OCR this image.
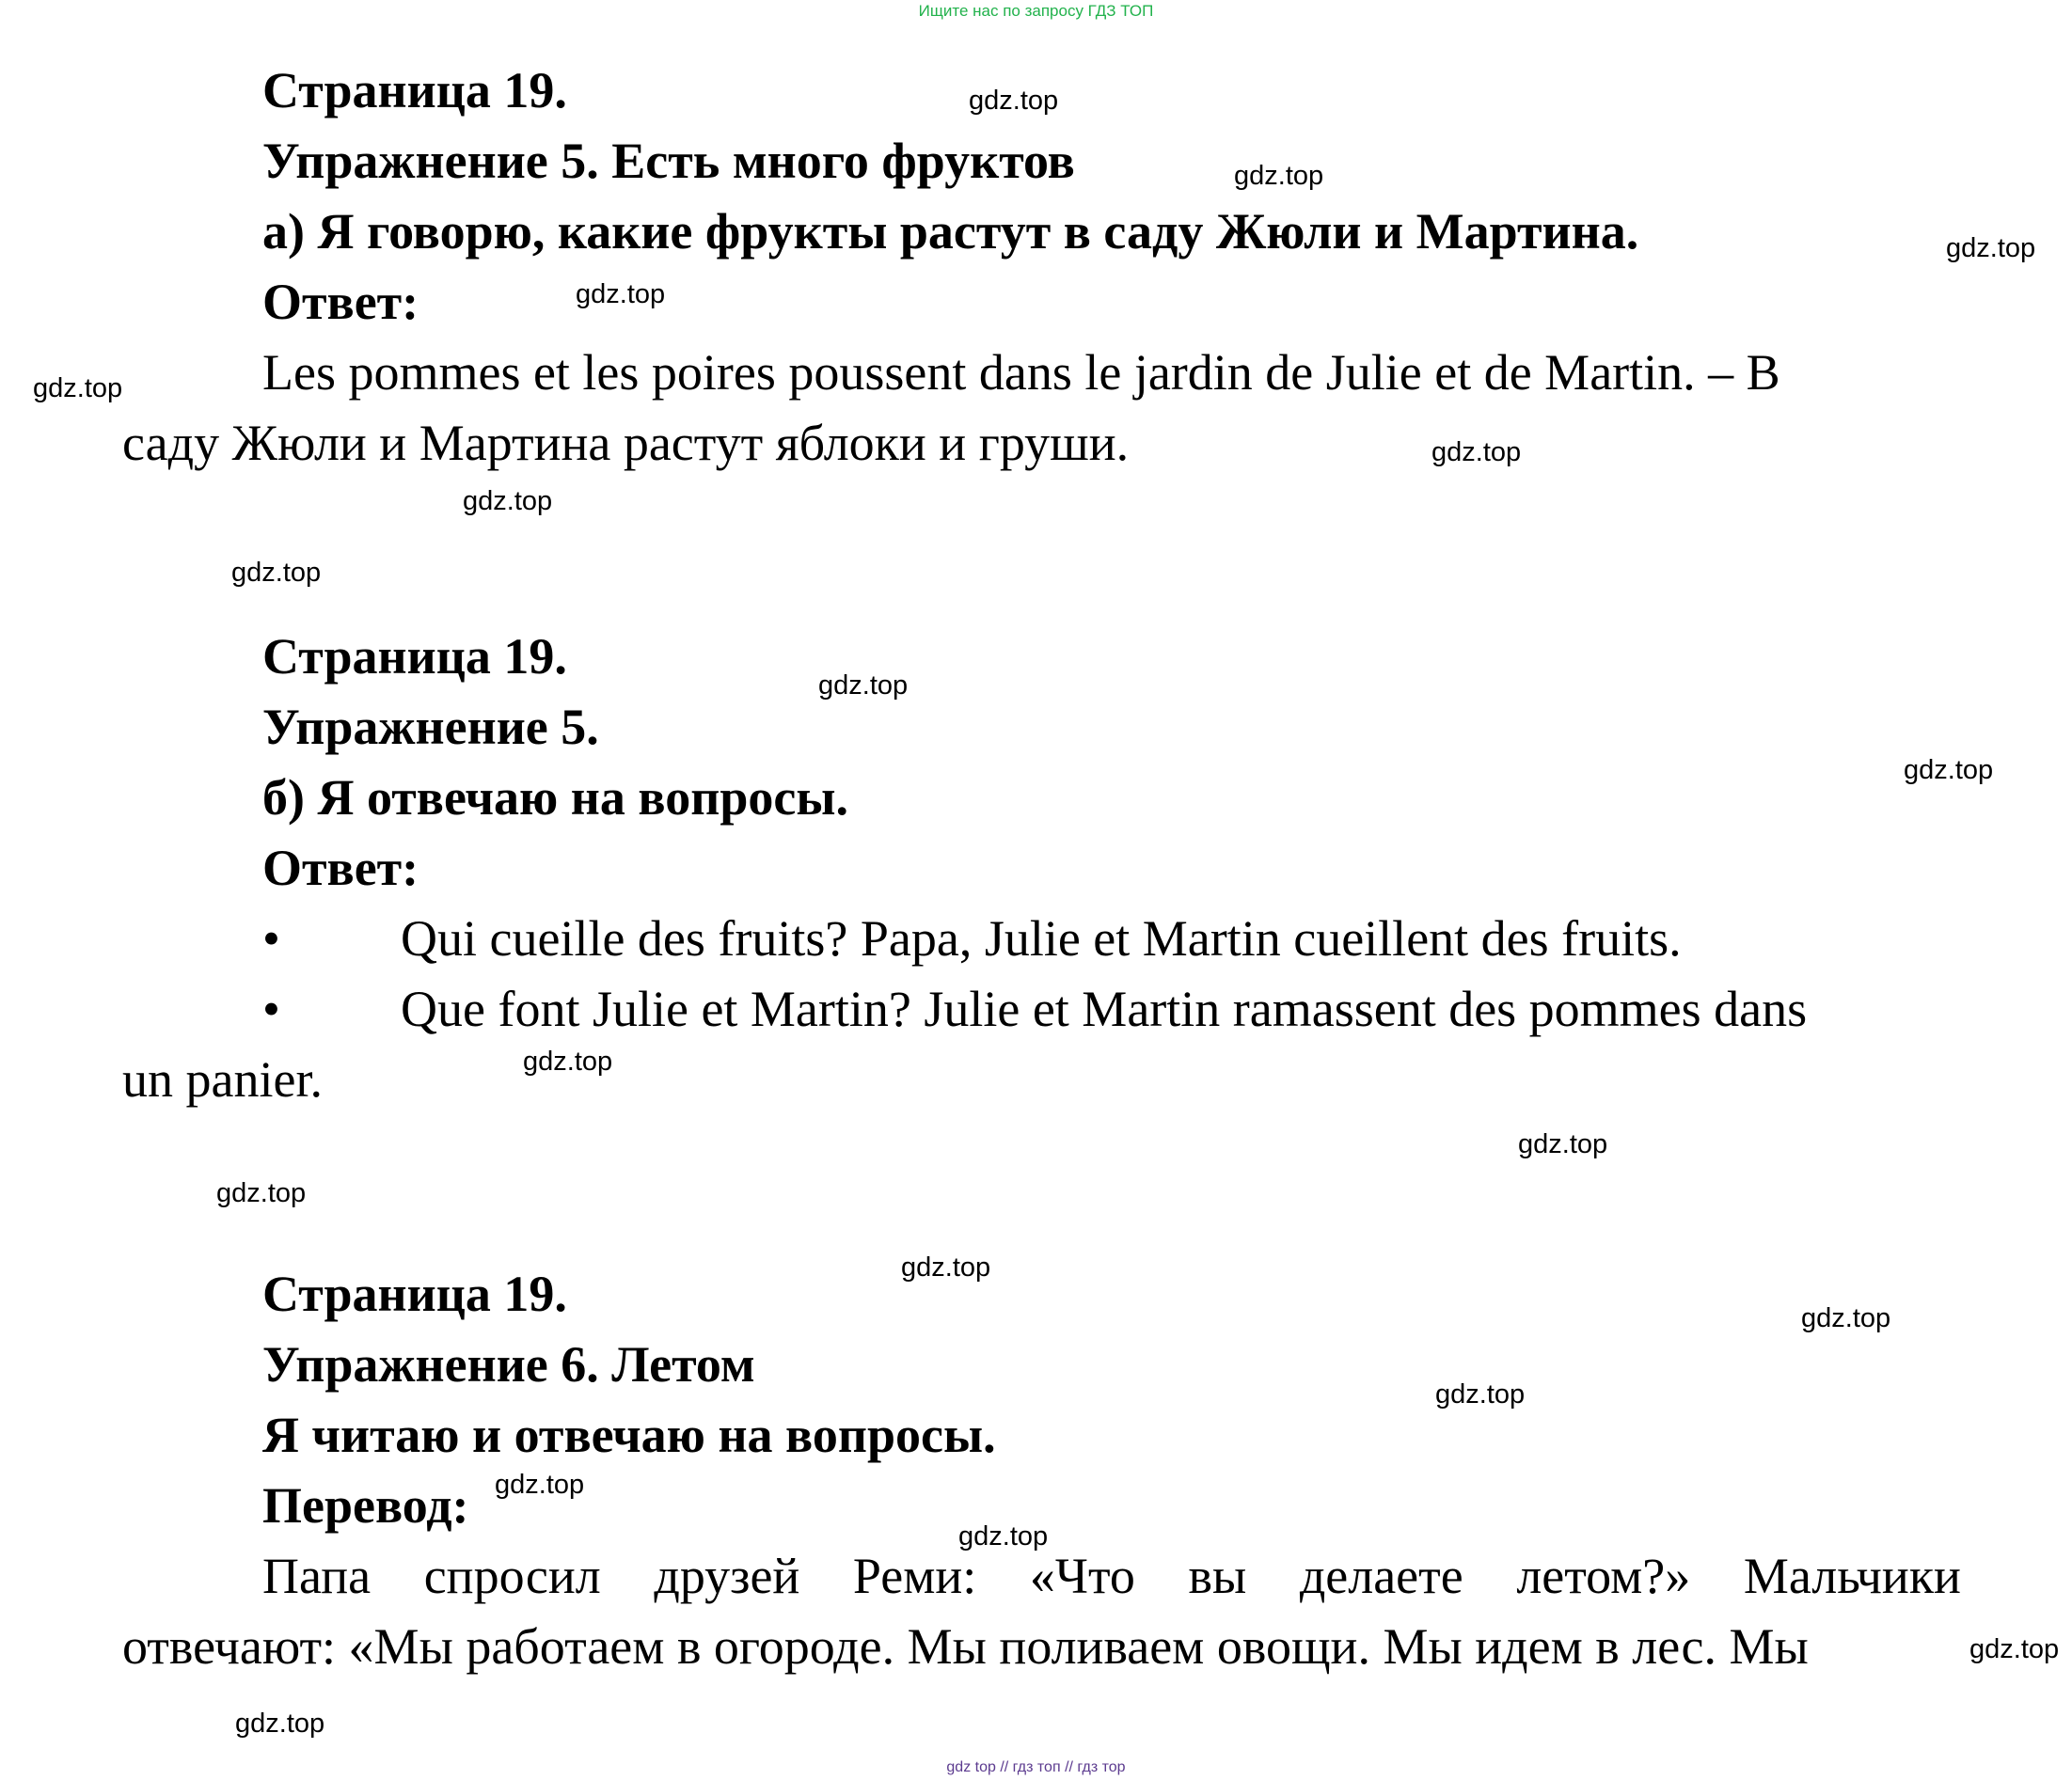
Ищите нас по запросу ГДЗ ТОП
Страница 19.
Упражнение 5. Есть много фруктов
а) Я говорю, какие фрукты растут в саду Жюли и Мартина.
Ответ:
Les pommes et les poires poussent dans le jardin de Julie et de Martin. – В
саду Жюли и Мартина растут яблоки и груши.
Страница 19.
Упражнение 5.
б) Я отвечаю на вопросы.
Ответ:
• Qui cueille des fruits? Papa, Julie et Martin cueillent des fruits.
• Que font Julie et Martin? Julie et Martin ramassent des pommes dans
un panier.
Страница 19.
Упражнение 6. Летом
Я читаю и отвечаю на вопросы.
Перевод:
Папа спросил друзей Реми: «Что вы делаете летом?» Мальчики
отвечают: «Мы работаем в огороде. Мы поливаем овощи. Мы идем в лес. Мы
gdz.top
gdz.top
gdz.top
gdz.top
gdz.top
gdz.top
gdz.top
gdz.top
gdz.top
gdz.top
gdz.top
gdz.top
gdz.top
gdz.top
gdz.top
gdz.top
gdz.top
gdz.top
gdz.top
gdz.top
gdz top // гдз топ // гдз тор
